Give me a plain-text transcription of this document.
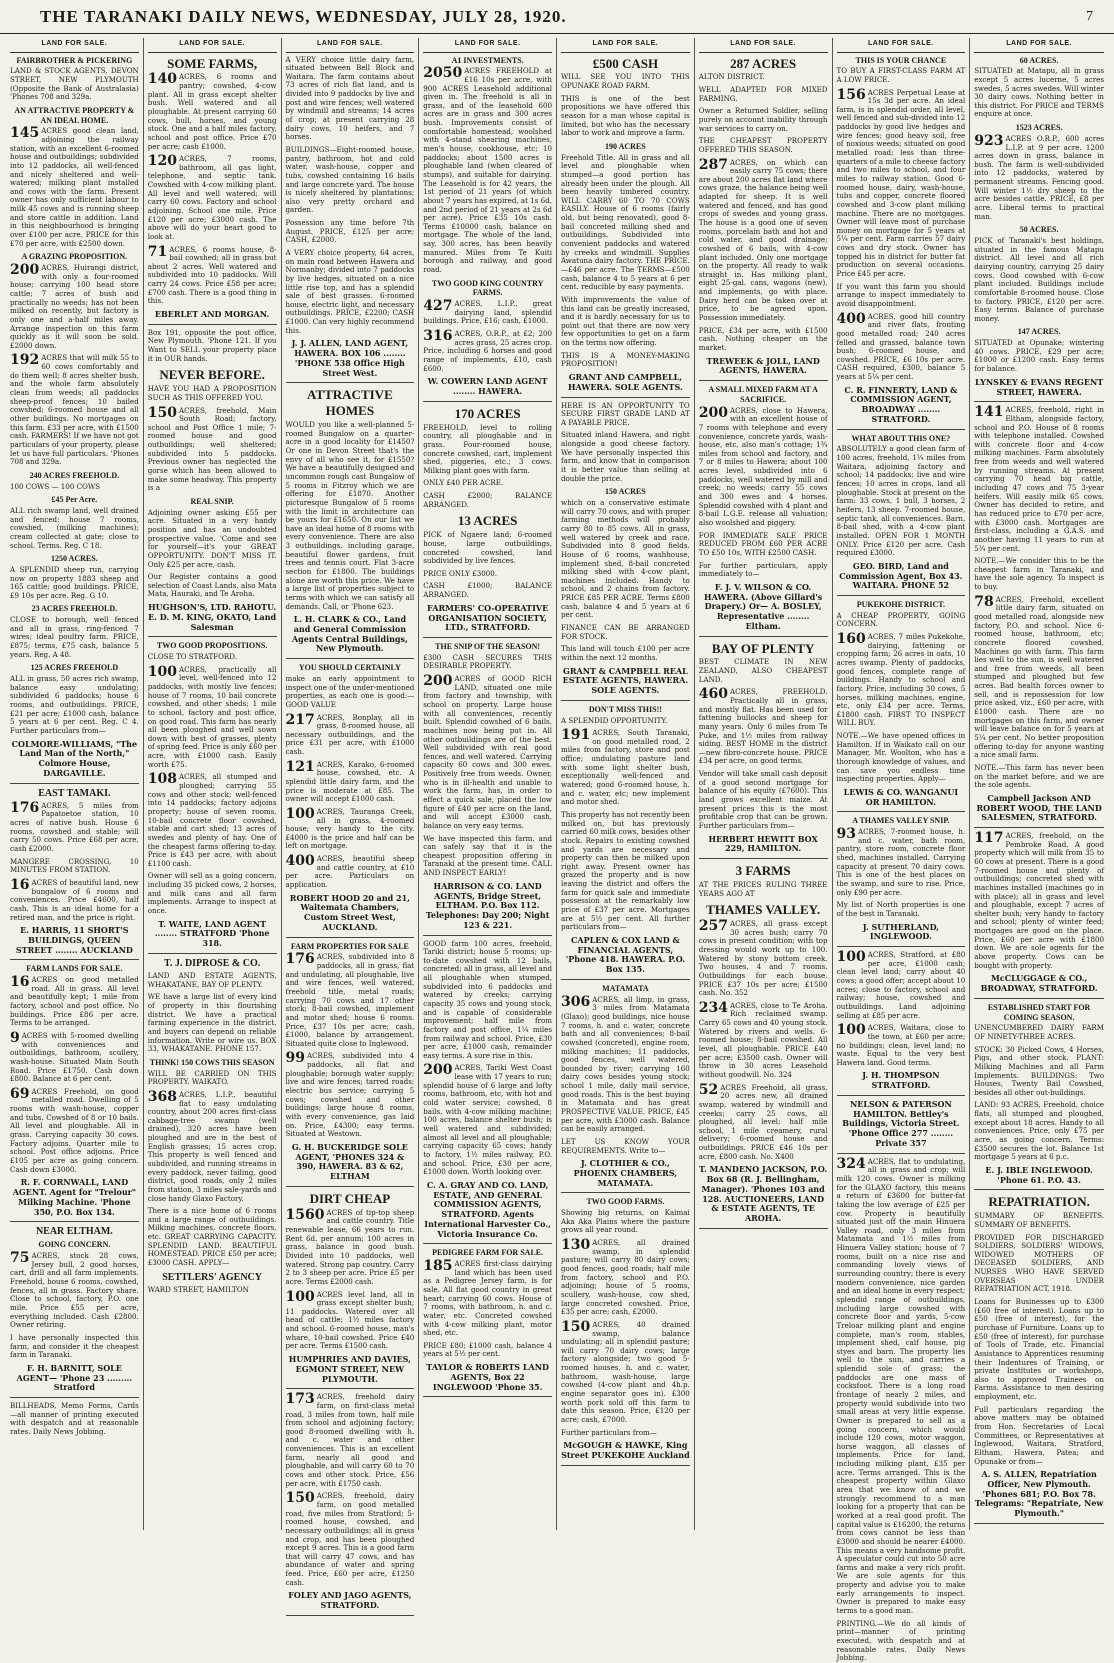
THE TARANAKI DAILY NEWS, WEDNESDAY, JULY 28, 1920.	7
LAND FOR SALE.
FAIRBROTHER & PICKERING
LAND & STOCK AGENTS, DEVON STREET, NEW PLYMOUTH (Opposite the Bank of Australasia) 'Phones 708 and 329a.
AN ATTRACTIVE PROPERTY & AN IDEAL HOME.
145 ACRES good clean land, adjoining the railway station, with an excellent 6-roomed house and outbuildings; subdivided into 12 paddocks, all well-fenced and nicely sheltered and well-watered; milking plant installed and cows with the farm. Present owner has only sufficient labour to milk 45 cows and is running sheep and store cattle in addition. Land in this neighbourhood is bringing over £100 per acre. PRICE for this £70 per acre, with £2500 down.
A GRAZING PROPOSITION.
200 ACRES, Huirangi district, with only a four-roomed house; carrying 100 head store cattle; 7 acres of bush and practically no weeds; has not been milked on recently, but factory is only one and a-half miles away. Arrange inspection on this farm quickly as it will soon be sold. £2000 down.
192 ACRES that will milk 55 to 60 cows comfortably and do them well; 8 acres shelter bush, and the whole farm absolutely clean from weeds; all paddocks sheep-proof fences; 10 bailed cowshed; 6-roomed house and all other buildings. No mortgages on this farm. £33 per acre, with £1500 cash. FARMERS! If we have not got particulars of your property, please let us have full particulars. 'Phones 708 and 329a.
240 ACRES FREEHOLD.
100 COWS — 100 COWS
£45 Per Acre.
ALL rich swamp land, well drained and fenced; house 7 rooms, cowshed, (milking machines); cream collected at gate; close to school. Terms. Reg. C 18.
1250 ACRES.
A SPLENDID sheep run, carrying now on property 1883 sheep and 165 cattle; good buildings. PRICE, £9 10s per acre. Reg. G 10.
23 ACRES FREEHOLD.
CLOSE to borough, well fenced and all in grass, ring-fenced 7 wires; ideal poultry farm. PRICE, £875; terms, £75 cash, balance 5 years. Reg. A 48.
125 ACRES FREEHOLD
ALL in grass, 50 acres rich swamp, balance easy undulating; subdivided 6 paddocks; house 6 rooms, and outbuildings. PRICE, £21 per acre; £1000 cash, balance 5 years at 6 per cent. Reg. C 4. Further particulars from—
COLMORE-WILLIAMS, "The Land Man of the North," Colmore House, DARGAVILLE.
EAST TAMAKI.
176 ACRES, 5 miles from Papatoetoe station, 10 acres of native bush. House 6 rooms, cowshed and stable; will carry 50 cows. Price £68 per acre, cash £2000.
MANGERE CROSSING, 10 MINUTES FROM STATION.
16 ACRES of beautiful land, new bungalow of 6 rooms and conveniences. Price £4600, half cash. This is an ideal home for a retired man, and the price is right.
E. HARRIS, 11 SHORT'S BUILDINGS, QUEEN STREET ........ AUCKLAND
FARM LANDS FOR SALE.
16 ACRES on good metalled road. All in grass. All level and beautifully kept; 1 mile from factory, school and post office. No buildings. Price £86 per acre. Terms to be arranged.
9 ACRES with 5-roomed dwelling with conveniences and outbuildings, bathroom, scullery, wash-house. Situated Main South Road. Price £1750. Cash down £800. Balance at 6 per cent.
69 ACRES Freehold, on good metalled road. Dwelling of 5 rooms with wash-house, copper and tubs. Cowshed of 8 or 10 bails. All level and ploughable. All in grass. Carrying capacity 30 cows. Factory adjoins. Quarter mile to school. Post office adjoins. Price £105 per acre as going concern. Cash down £3000.
R. F. CORNWALL, LAND AGENT. Agent for "Trelour" Milking Machine. 'Phone 350, P.O. Box 134.
NEAR ELTHAM.
GOING CONCERN.
75 ACRES, stock 28 cows, Jersey bull, 2 good horses, cart, drill and all farm implements. Freehold, house 6 rooms, cowshed, fences, all in grass. Factory share. Close to school, factory, P.O. one mile. Price £55 per acre, everything included. Cash £2800. Owner retiring.
I have personally inspected this farm, and consider it the cheapest farm in Taranaki.
F. H. BARNITT, SOLE AGENT— 'Phone 23 ......... Stratford
BILLHEADS, Memo Forms, Cards—all manner of printing executed with despatch and at reasonable rates. Daily News Jobbing.
LAND FOR SALE.
SOME FARMS,
140 ACRES, 6 rooms and pantry; cowshed, 4-cow plant. All in grass except shelter bush. Well watered and all ploughable. At present carrying 60 cows, bull, horses, and young stock. One and a half miles factory, school and post office. Price £70 per acre; cash £1000.
120 ACRES, 7 rooms, bathroom, all gas light, telephone, and septic tank. Cowshed with 4-cow milking plant. All level and well watered; will carry 60 cows. Factory and school adjoining. School one mile. Price £120 per acre; £3000 cash. The above will do your heart good to look at.
71 ACRES, 6 rooms house, 8-bail cowshed; all in grass but about 2 acres. Well watered and subdivided into 10 paddocks. Will carry 24 cows. Price £58 per acre; £700 cash. There is a good thing in this.
EBERLET AND MORGAN.
Box 191, opposite the post office, New Plymouth. 'Phone 121. If you Want to SELL your property place it in OUR hands.
NEVER BEFORE.
HAVE YOU HAD A PROPOSITION SUCH AS THIS OFFERED YOU.
150 ACRES, freehold, Main South Road; factory, school and Post Office 1 mile; 7-roomed house and good outbuildings; well sheltered; subdivided into 5 paddocks. Previous owner has neglected the gorse which has been allowed to make some headway. This property is a
REAL SNIP.
Adjoining owner asking £55 per acre. Situated in a very handy position and has an undoubted prospective value. 'Come and see for yourself—it's your GREAT OPPORTUNITY. DON'T MISS IT. Only £25 per acre, cash.
Our Register contains a good selection of Coast Lands, also Mata Mata, Hauraki, and Te Aroha.
HUGHSON'S, LTD. RAHOTU. E. D. M. KING, OKATO, Land Salesman
TWO GOOD PROPOSITIONS.
CLOSE TO STRATFORD.
100 ACRES, practically all level, well-fenced into 12 paddocks, with mostly live fences; house of 7 rooms, 10 bail concrete cowshed, and other sheds; 1 mile to school, factory and post office, on good road. This farm has nearly all been ploughed and well sown down with best of grasses, plenty of spring feed. Price is only £60 per acre, with £1000 cash. Easily worth £75.
108 ACRES, all stumped and ploughed; carrying 55 cows and other stock; well-fenced into 14 paddocks; factory adjoins property; house of seven rooms, 10-bail concrete floor cowshed, stable and cart shed; 13 acres of swedes and plenty of hay. One of the cheapest farms offering to-day. Price is £43 per acre, with about £1100 cash.
Owner will sell as a going concern, including 35 picked cows, 2 horses, and milk cans and all farm implements. Arrange to inspect at once.
T. WAITE, LAND AGENT ........ STRATFORD 'Phone 318.
T. J. DIPROSE & CO.
LAND AND ESTATE AGENTS, WHAKATANE, BAY OF PLENTY.
WE have a large list of every kind of property in this flourishing district. We have a practical farming experience in the district, and buyers can depend on reliable information. Write or wire us. BOX 33, WHAKATANE. PHONE 157.
THINK! 150 COWS THIS SEASON
WILL BE CARRIED ON THIS PROPERTY. WAIKATO.
368 ACRES, L.I.P., beautiful flat to easy undulating country, about 200 acres first-class cabbage-tree swamp (well drained), 320 acres have been ploughed and are in the best of English grasses; 15 acres crop. This property is well fenced and subdivided, and running streams in every paddock, never failing, good district, good roads, only 2 miles from station, 3 miles sale-yards and close handy Glaxo Factory.
There is a nice home of 6 rooms and a large range of outbuildings. Milking machines, concrete floors, etc. GREAT CARRYING CAPACITY. SPLENDID LAND. BEAUTIFUL HOMESTEAD. PRICE £50 per acre; £3000 CASH. APPLY—
SETTLERS' AGENCY
WARD STREET, HAMILTON
LAND FOR SALE.
A VERY choice little dairy farm, situated between Bell Block and Waitara. The farm contains about 73 acres of rich flat land, and is divided into 9 paddocks by live and post and wire fences; well watered by windmill and streams; 14 acres of crop; at present carrying 28 dairy cows, 10 heifers, and 7 horses.
BUILDINGS—Eight-roomed house, pantry, bathroom, hot and cold water, wash-house, copper and tubs, cowshed containing 16 bails and large concrete yard. The house is nicely sheltered by plantations; also very pretty orchard and garden.
Possession any time before 7th August. PRICE, £125 per acre; CASH, £2000.
A VERY choice property, 64 acres, on main road between Hawera and Normanby; divided into 7 paddocks by live hedges, situated on a nice little rise top, and has a splendid sale of best grasses. 6-roomed house, electric light, and necessary outbuildings. PRICE, £2200; CASH £1000. Can very highly recommend this.
J. J. ALLEN, LAND AGENT, HAWERA. BOX 106 ........ 'PHONE 538 Office High Street West.
ATTRACTIVE HOMES
WOULD you like a well-planned 5-roomed Bungalow on a quarter-acre in a good locality for £1450? Or one in Devon Street that's the envy of all who see it, for £1550? We have a beautifully designed and uncommon rough cast Bungalow of 5 rooms in Fitzroy which we are offering for £1870. Another picturesque Bungalow of 5 rooms with the limit in architecture can be yours for £1650. On our list we have an ideal home of 8 rooms with every convenience. There are also 3 outbuildings, including garage, beautiful flower gardens, fruit trees and tennis court. Flat 3-acre section for £1800. The buildings alone are worth this price. We have a large list of properties subject to terms with which we can satisfy all demands. Call, or 'Phone 623.
L. H. CLARK & CO., Land and General Commission Agents Central Buildings, New Plymouth.
YOU SHOULD CERTAINLY
make an early appointment to inspect one of the under-mentioned properties, as each one is good:— GOOD VALUE
217 ACRES, Bonplay, all in grass, 8-roomed house, all necessary outbuildings, and the price £31 per acre, with £1000 cash.
121 ACRES, Karako, 6-roomed house, cowshed, etc. A splendid little dairy farm, and the price is moderate at £85. The owner will accept £1000 cash.
100 ACRES, Tauranga Creek, all in grass, 4-roomed house; very handy to the city. £4000 is the price and half can be left on mortgage.
400 ACRES, beautiful sheep and cattle country, at £10 per acre. Particulars on application.
ROBERT HOOD 20 and 21, Waitemata Chambers, Custom Street West, AUCKLAND.
FARM PROPERTIES FOR SALE
176 ACRES, subdivided into 8 paddocks, all in grass, flat and undulating, all ploughable, live and wire fences, well watered, freehold title, metal roads; carrying 70 cows and 17 other stock; 8-bail cowshed, implement and motor shed; house 6 rooms. Price, £37 10s per acre; cash, £1000, balance by arrangement. Situated quite close to Inglewood.
99 ACRES, subdivided into 4 paddocks, all flat and ploughable; borough water supply; live and wire fences; tarred roads; electric bus service; carrying 5 cows; cowshed and other buildings; large house 8 rooms, with every convenience, gas laid on. Price, £4300; easy terms. Situated at Westown.
G. H. BUCKERIDGE SOLE AGENT, 'PHONES 324 & 390, HAWERA. 83 & 62, ELTHAM
DIRT CHEAP
1560 ACRES of tip-top sheep and cattle country. Title renewable lease, 66 years to run. Rent 6d. per annum; 100 acres in grass, balance in good bush. Divided into 10 paddocks, well watered. Strong pap country. Carry 2 to 3 sheep per acre. Price £5 per acre. Terms £2000 cash.
100 ACRES level land, all in grass except shelter bush; 11 paddocks. Watered over all head of cattle; 1½ miles factory and school. 6-roomed house, man's whare, 10-bail cowshed. Price £40 per acre. Terms £1500 cash.
HUMPHRIES AND DAVIES, EGMONT STREET, NEW PLYMOUTH.
173 ACRES, freehold dairy farm, on first-class metal road, 3 miles from town, half mile from school and adjoining factory; good 8-roomed dwelling with h. and c. water and other conveniences. This is an excellent farm, nearly all good and ploughable, and will carry 60 to 70 cows and other stock. Price, £56 per acre, with £1750 cash.
150 ACRES, freehold, dairy farm, on good metalled road, five miles from Stratford; 5-roomed house, cowshed, and necessary outbuildings; all in grass and crop, and has been ploughed except 9 acres. This is a good farm that will carry 47 cows, and has abundance of water and spring feed. Price, £60 per acre, £1250 cash.
FOLEY AND JAGO AGENTS, STRATFORD.
LAND FOR SALE.
A1 INVESTMENTS.
2050 ACRES FREEHOLD at £16 10s per acre, with 900 ACRES Leasehold additional given in. The freehold is all in grass, and of the leasehold 600 acres are in grass and 300 acres bush. Improvements consist of comfortable homestead, woolshed with 4-stand shearing machines, men's house, cookhouse, etc; 10 paddocks; about 1500 acres is ploughable land (when cleared of stumps), and suitable for dairying. The Leasehold is for 42 years, the 1st period of 21 years (of which about 7 years has expired, at 1s 6d, and 2nd period of 21 years at 2s 6d per acre). Price £35 10s cash. Terms £10000 cash, balance on mortgage. The whole of the land, say, 300 acres, has been heavily manured. Miles from Te Kuiti borough and railway, and good road.
TWO GOOD KING COUNTRY FARMS.
427 ACRES, L.I.P., great dairying land, splendid buildings. Price, £16; cash, £1000.
316 ACRES, O.R.P., at £2; 200 acres grass, 25 acres crop. Price, including 6 horses and good range of implements, £10, cash £600.
W. COWERN LAND AGENT ........ HAWERA.
170 ACRES
FREEHOLD, level to rolling country, all ploughable and in grass. Four-roomed house, concrete cowshed, cart, implement shed, piggeries, etc.; 3 cows. Milking plant goes with farm.
ONLY £40 PER ACRE.
CASH £2000; BALANCE ARRANGED.
13 ACRES
PICK of Ngaere land; 6-roomed house, large outbuildings, concreted cowshed, land subdivided by live fences.
PRICE ONLY £3000.
CASH £1000; BALANCE ARRANGED.
FARMERS' CO-OPERATIVE ORGANISATION SOCIETY, LTD., STRATFORD.
THE SNIP OF THE SEASON!
£300 CASH SECURES THIS DESIRABLE PROPERTY.
200 ACRES of GOOD RICH LAND, situated one mile from factory and township, with school on property. Large house with all conveniences, recently built. Splendid cowshed of 6 bails, machines now being put in. All other outbuildings are of the best. Well subdivided with real good fences, and well watered. Carrying capacity 60 cows and 300 ewes. Positively free from weeds. Owner, who is in ill-health and unable to work the farm, has, in order to effect a quick sale, placed the low figure of £40 per acre on the land, and will accept £3000 cash, balance on very easy terms.
We have inspected this farm, and can safely say that it is the cheapest proposition offering in Taranaki at the present time. CALL AND INSPECT EARLY!
HARRISON & CO. LAND AGENTS, Bridge Street, ELTHAM. P.O. Box 112. Telephones: Day 200; Night 123 & 221.
GOOD farm 100 acres, freehold, Tariki district; house 5 rooms; up-to-date cowshed with 12 bails, concreted; all in grass, all level and all ploughable when stumped, subdivided into 6 paddocks and watered by creeks; carrying capacity 35 cows and young stock, and is capable of considerable improvement; half mile from factory and post office, 1¼ miles from railway and school. Price, £30 per acre, £1000 cash, remainder easy terms. A sure rise in this.
200 ACRES, Tariki West Coast lease with 17 years to run; splendid house of 6 large and lofty rooms, bathroom, etc, with hot and cold water service; cowshed, 8 bails, with 4-cow milking machine; 100 acres, balance shelter bush; is well watered and subdivided; almost all level and all ploughable; carrying capacity 65 cows; handy to factory, 1½ miles railway, P.O. and school. Price, £30 per acre, £1000 down. Worth looking over.
C. A. GRAY AND CO. LAND, ESTATE, AND GENERAL COMMISSION AGENTS, STRATFORD. Agents International Harvester Co., Victoria Insurance Co.
PEDIGREE FARM FOR SALE.
185 ACRES first-class dairying land which has been used as a Pedigree Jersey farm, is for sale. All flat good country in great heart; carrying 60 cows. House of 7 rooms, with bathroom, h. and c. water, etc. Concreted cowshed with 4-cow milking plant, motor shed, etc.
PRICE £80; £1000 cash, balance 4 years at 5½ per cent.
TAYLOR & ROBERTS LAND AGENTS, Box 22 INGLEWOOD 'Phone 35.
LAND FOR SALE.
£500 CASH
WILL SEE YOU INTO THIS OPUNAKE ROAD FARM.
THIS is one of the best propositions we have offered this season for a man whose capital is limited, but who has the necessary labor to work and improve a farm.
190 ACRES
Freehold Title. All in grass and all level and ploughable when stumped—a good portion has already been under the plough. All been heavily timbered country. WILL CARRY 60 TO 70 COWS EASILY. House of 6 rooms (fairly old, but being renovated), good 8-bail concreted milking shed and outbuildings. Subdivided into convenient paddocks and watered by creeks and windmill. Supplies Awatuna dairy factory. THE PRICE.—£46 per acre. The TERMS—£500 cash, balance 4 to 5 years at 6 per cent. reducible by easy payments.
With improvements the value of this land can be greatly increased, and it is hardly necessary for us to point out that there are now very few opportunities to get on a farm on the terms now offering.
THIS IS A MONEY-MAKING PROPOSITION!
GRANT AND CAMPBELL, HAWERA. SOLE AGENTS.
HERE IS AN OPPORTUNITY TO SECURE FIRST GRADE LAND AT A PAYABLE PRICE.
Situated inland Hawera, and right alongside a good cheese factory. We have personally inspected this farm, and know that in comparison it is better value than selling at double the price.
150 ACRES
which on a conservative estimate will carry 70 cows, and with proper farming methods will probably carry 80 to 85 cows. All in grass, well watered by creek and race. Subdivided into 8 good fields. House of 6 rooms, washhouse, implement shed, 8-bail concreted milking shed with 4-cow plant, machines included. Handy to school, and 2 chains from factory. PRICE £85 PER ACRE. Terms £800 cash, balance 4 and 5 years at 6 per cent.
FINANCE CAN BE ARRANGED FOR STOCK.
This land will touch £100 per acre within the next 12 months.
GRANT & CAMPBELL REAL ESTATE AGENTS, HAWERA. SOLE AGENTS.
DON'T MISS THIS!!
A SPLENDID OPPORTUNITY.
191 ACRES, South Taranaki, on good metalled road, 2 miles from factory, store and post office; undulating pasture land with some light shelter bush, exceptionally well-fenced and watered; good 6-roomed house, h. and c. water, etc; new implement and motor shed.
This property has not recently been milked on, but has previously carried 60 milk cows, besides other stock. Repairs to existing cowshed and yards are necessary and property can then be milked upon right away. Present owner has grazed the property and is now leaving the district and offers the farm for quick sale and immediate possession at the remarkably low price of £37 per acre. Mortgages are at 5½ per cent. All further particulars from—
CAPLEN & COX LAND & FINANCIAL AGENTS, 'Phone 418. HAWERA. P.O. Box 135.
MATAMATA
306 ACRES, all limp, in grass, 3 miles from Matamata (Glaxo); good buildings, nice house 7 rooms, h. and c. water, concrete bath and all conveniences; 8-bail cowshed (concreted), engine room, milking machines; 11 paddocks, good fences, well watered, bounded by river; carrying 160 dairy cows besides young stock; school 1 mile, daily mail service, good roads. This is the best buying in Matamata and has great PROSPECTIVE VALUE. PRICE, £45 per acre, with £3000 cash. Balance can be easily arranged.
LET US KNOW YOUR REQUIREMENTS. Write to—
J. CLOTHIER & CO., PHOENIX CHAMBERS, MATAMATA.
TWO GOOD FARMS.
Showing big returns, on Kaimai Aka Aka Plains where the pasture grows all year round.
130 ACRES, all drained swamp, in splendid pasture; will carry 80 dairy cows; good fences, good roads; half mile from factory, school and P.O. adjoining; house of 5 rooms, scullery, wash-house, cow shed, large concreted cowshed. Price, £35 per acre; cash, £2000.
150 ACRES, 40 drained swamp, balance undulating; all in splendid pasture; will carry 70 dairy cows; large factory alongside; two good 5-roomed houses, h. and c. water, bathroom, wash-house, large cowshed (4-cow plant and 4h.p. engine separator goes in). £300 worth pork sold off this farm to date this season. Price, £120 per acre; cash, £7000.
Further particulars from—
McGOUGH & HAWKE, King Street PUKEKOHE Auckland
LAND FOR SALE.
287 ACRES
ALTON DISTRICT.
WELL ADAPTED FOR MIXED FARMING.
Owner a Returned Soldier, selling purely on account inability through war services to carry on.
THE CHEAPEST PROPERTY OFFERED THIS SEASON.
287 ACRES, on which can easily carry 75 cows; there are about 200 acres flat land where cows graze, the balance being well adapted for sheep. It is well watered and fenced, and has good crops of swedes and young grass. The house is a good one of seven rooms, porcelain bath and hot and cold water, and good drainage; cowshed of 6 bails, with 4-cow plant included. Only one mortgage on the property. All ready to walk straight in. Has milking plant, eight 25-gal. cans, wagons (new), and implements, go with place. Dairy herd can be taken over at price, to be agreed upon. Possession immediately.
PRICE, £34 per acre, with £1500 cash. Nothing cheaper on the market.
TREWEEK & JOLL, LAND AGENTS, HAWERA.
A SMALL MIXED FARM AT A SACRIFICE.
200 ACRES, close to Hawera, with an excellent house of 7 rooms with telephone and every convenience, concrete yards, wash-house, etc, also man's cottage; 1¾ miles from school and factory, and 7 or 8 miles to Hawera; about 100 acres level, subdivided into 6 paddocks, well watered by mill and creek; no weeds; carry 55 cows and 300 ewes and 4 horses. Splendid cowshed with 4 plant and 8-bail L.G.E. release all valuation; also woolshed and piggery.
FOR IMMEDIATE SALE PRICE REDUCED FROM £60 PER ACRE TO £50 10s, WITH £2500 CASH.
For further particulars, apply immediately to—
F. J. V. WILSON & CO. HAWERA. (Above Gillard's Drapery.) Or— A. BOSLEY, Representative ........ Eltham.
BAY OF PLENTY
BEST CLIMATE IN NEW ZEALAND, ALSO CHEAPEST LAND.
460 ACRES, FREEHOLD. Practically all in grass, and mostly flat. Has been used for fattening bullocks and sheep for many years. Only 6 miles from Te Puke, and 1½ miles from railway siding. BEST HOME in the district—new fibro-concrete house. PRICE £34 per acre, on good terms.
Vendor will take small cash deposit of a good second mortgage for balance of his equity (£7600). This land grows excellent maize. At present prices this is the most profitable crop that can be grown. Further particulars from—
HERBERT HEWITT BOX 229, HAMILTON.
3 FARMS
AT THE PRICES RULING THREE YEARS AGO AT
THAMES VALLEY.
257 ACRES, all grass except 30 acres bush; carry 70 cows in present condition; with top dressing would work up to 100. Watered by stony bottom creek. Two houses, 4 and 7 rooms. Outbuildings for each house. PRICE £37 10s per acre; £1500 cash. No. 352
234 ACRES, close to Te Aroha. Rich reclaimed swamp. Carry 65 cows and 40 young stock. Watered by rivers and wells. 6-roomed house; 8-bail cowshed. All level, all ploughable. PRICE £40 per acre; £3500 cash. Owner will throw in 30 acres Leasehold without goodwill. No. 324
52 ACRES Freehold, all grass, 20 acres new, all drained swamp, watered by windmill and creeks; carry 25 cows, all ploughed, all level; half mile school, 1 mile creamery, rural delivery; 6-roomed house and outbuildings. PRICE £46 10s per acre, £800 cash. No. X400
T. MANDENO JACKSON, P.O. Box 68 (R. J. Bellingham, Manager). 'Phones 103 and 128. AUCTIONEERS, LAND & ESTATE AGENTS, TE AROHA.
LAND FOR SALE.
THIS IS YOUR CHANCE
TO BUY A FIRST-CLASS FARM AT A LOW PRICE.
156 ACRES Perpetual Lease at 15s 3d per acre. An ideal farm, is in splendid order, all level, well fenced and sub-divided into 12 paddocks by good live hedges and wire fences; good heavy soil, free of noxious weeds; situated on good metalled road; less than three-quarters of a mile to cheese factory and two miles to school, and four miles to railway station. Good 6-roomed house, dairy, wash-house, tubs and copper, concrete floored cowshed and 3-cow plant milking machine. There are no mortgages. Owner will leave most of purchase money on mortgage for 5 years at 5¼ per cent. Farm carries 57 dairy cows and dry stock. Owner has topped his in district for butter fat production on several occasions. Price £45 per acre.
If you want this farm you should arrange to inspect immediately to avoid disappointment.
400 ACRES, good hill country and river flats, fronting good metalled road; 240 acres felled and grassed, balance town bush; 6-roomed house, and cowshed. PRICE, £6 10s per acre. CASH required, £300, balance 5 years at 5¼ per cent.
C. R. FINNERTY, LAND & COMMISSION AGENT, BROADWAY ........ STRATFORD.
WHAT ABOUT THIS ONE?
ABSOLUTELY a good clean farm of 100 acres, freehold, 1¼ miles from Waitara, adjoining factory and school; 14 paddocks; live and wire fences; 10 acres in crops, land all ploughable. Stock at present on the farm: 33 cows, 1 bull, 3 horses, 2 heifers, 13 sheep. 7-roomed house, septic tank, all conveniences. Barn, 8-bail shed, with a 4-cow plant installed. OPEN FOR 1 MONTH ONLY. Price £120 per acre. Cash required £3000.
GEO. BIRD, Land and Commission Agent, Box 43. WAITARA. PHONE 52
PUKEKOHE DISTRICT.
A CHEAP PROPERTY, GOING CONCERN.
160 ACRES, 7 miles Pukekohe, dairying, fattening or cropping farm; 26 acres in oats, 10 acres swamp. Plenty of paddocks, good fences, complete range of buildings. Handy to school and factory. Price, including 30 cows, 5 horses, milking machines, engine, etc, only £34 per acre. Terms, £1800 cash. FIRST TO INSPECT WILL BUY.
NOTE.—We have opened offices in Hamilton. If in Waikato call on our Manager, Mr. Woolton, who has a thorough knowledge of values, and can save you endless time inspecting properties. Apply—
LEWIS & CO. WANGANUI OR HAMILTON.
A THAMES VALLEY SNIP.
93 ACRES, 7-roomed house, h. and c. water, bath room, pantry, store room, concrete floor shed, machines installed. Carrying capacity at present 70 dairy cows. This is one of the best places on the swamp, and sure to rise. Price, only £90 per acre.
My list of North properties is one of the best in Taranaki.
J. SUTHERLAND, INGLEWOOD.
100 ACRES, Stratford, at £80 per acre, £1000 cash; clean level land; carry about 40 cows; a good offer; accept about 10 acres; close to factory, school and railway; house, cowshed and outbuildings. Land adjoining selling at £85 per acre.
100 ACRES, Waitara, close to the town, at £60 per acre; no buildings; clean, level land; no waste. Equal to the very best Hawera land. Good terms.
J. H. THOMPSON STRATFORD.
NELSON & PATERSON HAMILTON. Bettley's Buildings, Victoria Street. 'Phone Office 277 ........ Private 357
324 ACRES, flat to undulating, all in grass and crop; will milk 120 cows. Owner is milking for the GLAXO factory, this means a return of £3600 for butter-fat taking the low average of £25 per cow. Property is beautifully situated just off the main Hinuera Valley road, only 3 miles from Matamata and 1½ miles from Hinuera Valley station; house of 7 rooms, built on a nice rise and commanding lovely views of surrounding country; there is every modern convenience, nice garden and an ideal home in every respect; splendid range of outbuildings, including large cowshed with concrete floor and yards, 5-cow Treloar milking plant and engine complete, man's room, stables, implement shed, calf house, pig styes and barn. The property lies well to the sun, and carries a splendid sole of grass; the paddocks are one mass of cocksfoot. There is a long road frontage of nearly 2 miles, and property would subdivide into two small areas at very little expense. Owner is prepared to sell as a going concern, which would include 120 cows, motor waggon, horse waggon, all classes of implements. Price for land, including milking plant, £35 per acre. Terms arranged. This is the cheapest property within Glaxo area that we know of and we strongly recommend to a man looking for a property that can be worked at a real good profit. The capital value is £16200, the returns from cows cannot be less than £3000 and should be nearer £4000. This means a very handsome profit. A speculator could cut into 50 acre farms and make a very rich profit. We are sole agents for this property and advise you to make early arrangements to inspect. Owner is prepared to make easy terms to a good man.
PRINTING.—We do all kinds of print—manner of printing executed, with despatch and at reasonable rates. Daily News Jobbing.
LAND FOR SALE.
60 ACRES.
SITUATED at Matapu, all in grass except 5 acres lucerne, 5 acres swedes, 5 acres swedes. Will winter 30 dairy cows. Nothing better in this district. For PRICE and TERMS enquire at once.
1523 ACRES.
923 ACRES O.R.P., 600 acres L.I.P. at 9 per acre. 1200 acres down in grass, balance in bush. The farm is well-subdivided into 12 paddocks, watered by permanent streams. Fencing good. Will winter 1½ dry sheep to the acre besides cattle. PRICE, £8 per acre. Liberal terms to practical man.
50 ACRES.
PICK of Taranaki's best holdings, situated in the famous Matapu district. All level and all rich dairying country, carrying 25 dairy cows. Good cowshed with 6-cow plant included. Buildings include comfortable 8-roomed house. Close to factory. PRICE, £120 per acre. Easy terms. Balance of purchase money.
147 ACRES.
SITUATED at Opunake; wintering 40 cows. PRICE, £29 per acre; £1000 or £1200 cash. Easy terms for balance.
LYNSKEY & EVANS REGENT STREET, HAWERA.
141 ACRES, freehold, right in Eltham, alongside factory, school and P.O. House of 8 rooms with telephone installed. Cowshed with concrete floor and 4-cow milking machines. Farm absolutely free from weeds and well watered by running streams. At present carrying 70 head big cattle, including 47 cows and 75 3-year heifers. Will easily milk 65 cows. Owner has decided to retire, and has reduced price to £70 per acre, with £3000 cash. Mortgages are first-class, including a G.A.S. and another having 11 years to run at 5¼ per cent.
NOTE.—We consider this to be the cheapest farm in Taranaki, and have the sole agency. To inspect is to buy.
78 ACRES, Freehold, excellent little dairy farm, situated on good metalled road, alongside new factory, P.O. and school. Nice 6-roomed house, bathroom, etc; concrete floored cowshed, Machines go with farm. This farm lies well to the sun, is well watered and free from weeds, all been stumped and ploughed but few acres. Bad health forces owner to sell, and is repossession for low price asked, viz., £60 per acre, with £1000 cash. There are no mortgages on this farm, and owner will leave balance on for 5 years at 5¼ per cent. No better proposition offering to-day for anyone wanting a nice small farm.
NOTE.—This farm has never been on the market before, and we are the sole agents.
Campbell Jackson AND ROBERT WOOD, THE LAND SALESMEN, STRATFORD.
117 ACRES, freehold, on the Pembroke Road. A good property which will milk from 35 to 60 cows at present. There is a good 7-roomed house and plenty of outbuildings; concreted shed with machines installed (machines go in with place); all in grass and level and ploughable, except 7 acres of shelter bush; very handy to factory and school; plenty of winter feed; mortgages are good on the place. Price, £60 per acre with £1800 down. We are sole agents for the above property. Cows can be bought with property.
McCLUGGAGE & CO., BROADWAY, STRATFORD.
ESTABLISHED START FOR COMING SEASON.
UNENCUMBERED DAIRY FARM OF NINETY-THREE ACRES.
STOCK: 30 Picked Cows, 4 Horses, Pigs, and other stock. PLANT: Milking Machines and all Farm Implements. BUILDINGS: Two Houses, Twenty Bail Cowshed, besides all other out-buildings.
LAND: 93 ACRES, Freehold, choice flats, all stumped and ploughed, except about 18 acres. Handy to all conveniences. Price, only £75 per acre, as going concern. Terms: £3500 secures the lot. Balance 1st mortgage 5 years at 6 p.c.
E. J. IBLE INGLEWOOD. 'Phone 61. P.O. 43.
REPATRIATION.
SUMMARY OF BENEFITS. SUMMARY OF BENEFITS.
PROVIDED FOR DISCHARGED SOLDIERS, SOLDIERS' WIDOWS, WIDOWED MOTHERS OF DECEASED SOLDIERS, AND NURSES WHO HAVE SERVED OVERSEAS UNDER REPATRIATION ACT, 1918.
Loans for Businesses up to £300 (£60 free of interest). Loans up to £50 (free of interest), for the purchase of Furniture. Loans up to £50 (free of interest), for purchase of Tools of Trade, etc. Financial Assistance to Apprentices resuming their Indentures of Training, or private Institutes or workshops, also to approved Trainees on Farms. Assistance to men desiring employment, etc.
Full particulars regarding the above matters may be obtained from Hon. Secretaries of Local Committees, or Representatives at Inglewood, Waitara, Stratford, Eltham, Hawera, Patea; and Opunake or from—
A. S. ALLEN, Repatriation Officer, New Plymouth. 'Phones 681; P.O. Box 78. Telegrams: "Repatriate, New Plymouth."
